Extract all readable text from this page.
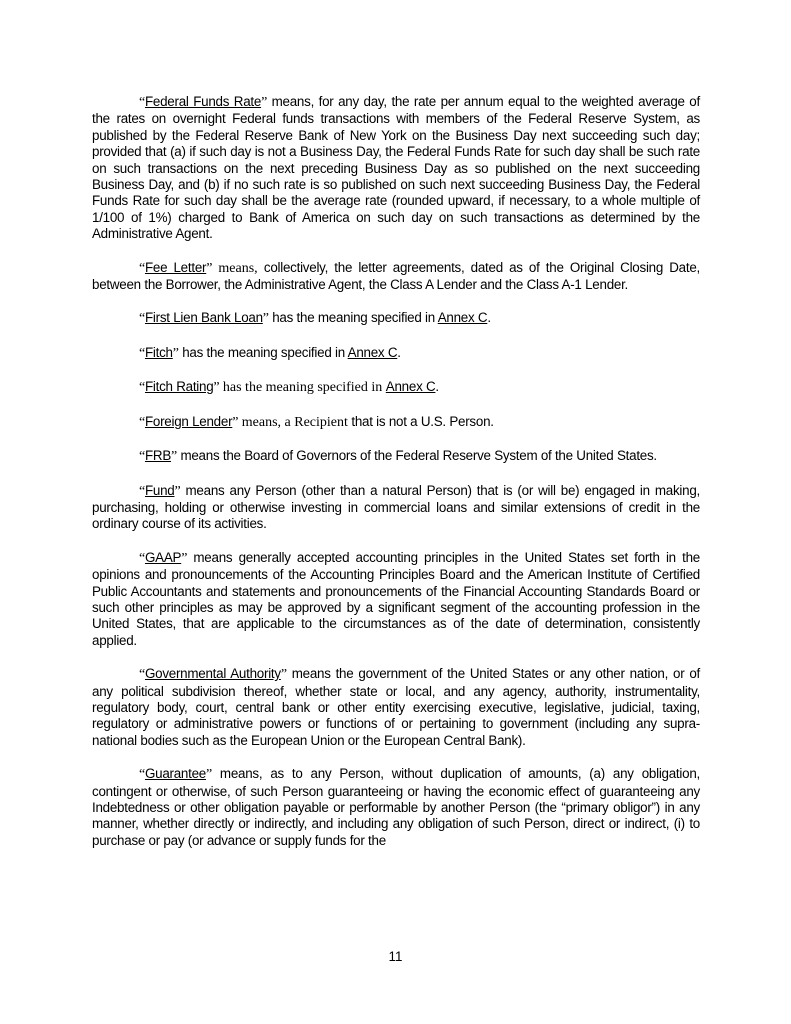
“Federal Funds Rate” means, for any day, the rate per annum equal to the weighted average of the rates on overnight Federal funds transactions with members of the Federal Reserve System, as published by the Federal Reserve Bank of New York on the Business Day next succeeding such day; provided that (a) if such day is not a Business Day, the Federal Funds Rate for such day shall be such rate on such transactions on the next preceding Business Day as so published on the next succeeding Business Day, and (b) if no such rate is so published on such next succeeding Business Day, the Federal Funds Rate for such day shall be the average rate (rounded upward, if necessary, to a whole multiple of 1/100 of 1%) charged to Bank of America on such day on such transactions as determined by the Administrative Agent.

“Fee Letter” means, collectively, the letter agreements, dated as of the Original Closing Date, between the Borrower, the Administrative Agent, the Class A Lender and the Class A-1 Lender.

“First Lien Bank Loan” has the meaning specified in Annex C.

“Fitch” has the meaning specified in Annex C.

“Fitch Rating” has the meaning specified in Annex C.

“Foreign Lender” means, a Recipient that is not a U.S. Person.

“FRB” means the Board of Governors of the Federal Reserve System of the United States.

“Fund” means any Person (other than a natural Person) that is (or will be) engaged in making, purchasing, holding or otherwise investing in commercial loans and similar extensions of credit in the ordinary course of its activities.

“GAAP” means generally accepted accounting principles in the United States set forth in the opinions and pronouncements of the Accounting Principles Board and the American Institute of Certified Public Accountants and statements and pronouncements of the Financial Accounting Standards Board or such other principles as may be approved by a significant segment of the accounting profession in the United States, that are applicable to the circumstances as of the date of determination, consistently applied.

“Governmental Authority” means the government of the United States or any other nation, or of any political subdivision thereof, whether state or local, and any agency, authority, instrumentality, regulatory body, court, central bank or other entity exercising executive, legislative, judicial, taxing, regulatory or administrative powers or functions of or pertaining to government (including any supra-national bodies such as the European Union or the European Central Bank).

“Guarantee” means, as to any Person, without duplication of amounts, (a) any obligation, contingent or otherwise, of such Person guaranteeing or having the economic effect of guaranteeing any Indebtedness or other obligation payable or performable by another Person (the “primary obligor”) in any manner, whether directly or indirectly, and including any obligation of such Person, direct or indirect, (i) to purchase or pay (or advance or supply funds for the

11
